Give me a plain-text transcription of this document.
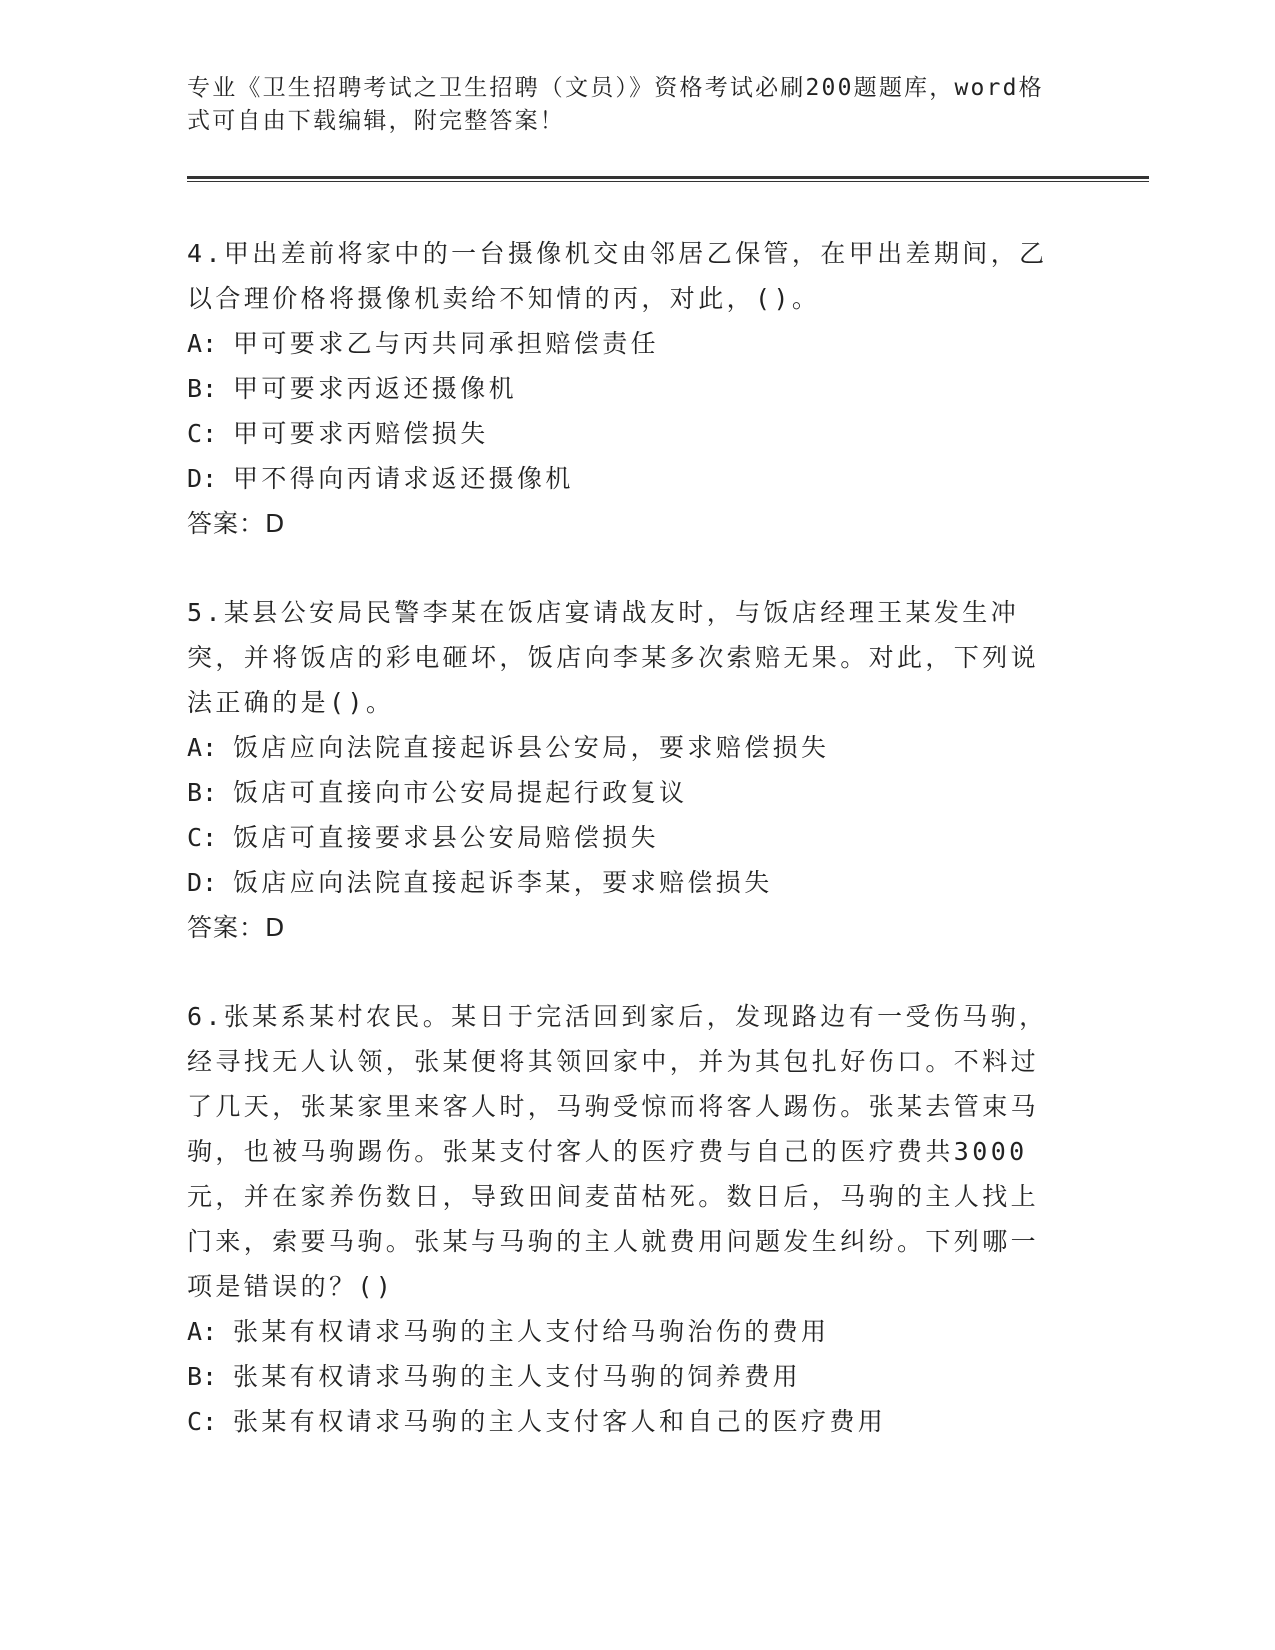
专业《卫生招聘考试之卫生招聘（文员）》资格考试必刷200题题库，word格式可自由下载编辑，附完整答案！

4.甲出差前将家中的一台摄像机交由邻居乙保管，在甲出差期间，乙以合理价格将摄像机卖给不知情的丙，对此，()。

A: 甲可要求乙与丙共同承担赔偿责任

B: 甲可要求丙返还摄像机

C: 甲可要求丙赔偿损失

D: 甲不得向丙请求返还摄像机

答案：D

5.某县公安局民警李某在饭店宴请战友时，与饭店经理王某发生冲突，并将饭店的彩电砸坏，饭店向李某多次索赔无果。对此，下列说法正确的是()。

A: 饭店应向法院直接起诉县公安局，要求赔偿损失

B: 饭店可直接向市公安局提起行政复议

C: 饭店可直接要求县公安局赔偿损失

D: 饭店应向法院直接起诉李某，要求赔偿损失

答案：D

6.张某系某村农民。某日于完活回到家后，发现路边有一受伤马驹，经寻找无人认领，张某便将其领回家中，并为其包扎好伤口。不料过了几天，张某家里来客人时，马驹受惊而将客人踢伤。张某去管束马驹，也被马驹踢伤。张某支付客人的医疗费与自己的医疗费共3000元，并在家养伤数日，导致田间麦苗枯死。数日后，马驹的主人找上门来，索要马驹。张某与马驹的主人就费用问题发生纠纷。下列哪一项是错误的？()

A: 张某有权请求马驹的主人支付给马驹治伤的费用

B: 张某有权请求马驹的主人支付马驹的饲养费用

C: 张某有权请求马驹的主人支付客人和自己的医疗费用
